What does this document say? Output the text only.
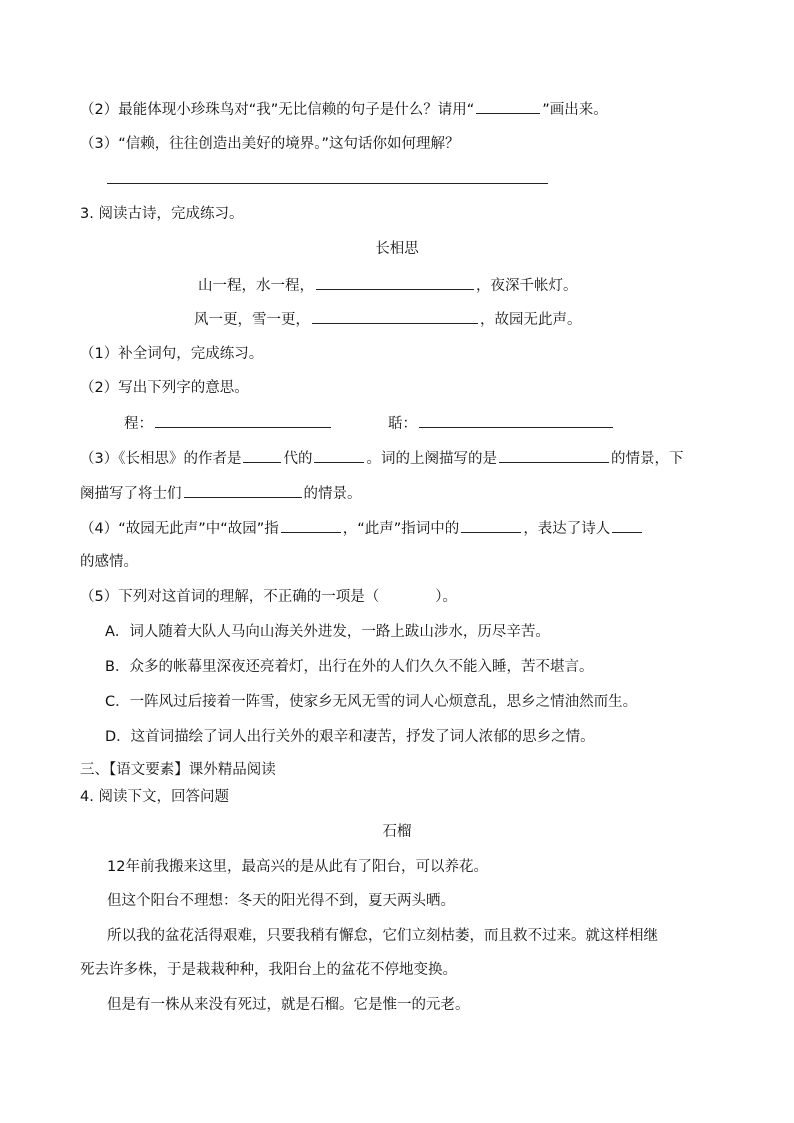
（2）最能体现小珍珠鸟对“我”无比信赖的句子是什么？请用“	”画出来。
（3）“信赖，往往创造出美好的境界。”这句话你如何理解？
3. 阅读古诗，完成练习。
长相思
山一程，水一程，	，夜深千帐灯。
风一更，雪一更，	，故园无此声。
（1）补全词句，完成练习。
（2）写出下列字的意思。
程：	聒：
（3）《长相思》的作者是	代的	。词的上阕描写的是	的情景，下
阕描写了将士们	的情景。
（4）“故园无此声”中“故园”指	，“此声”指词中的	，表达了诗人
的感情。
（5）下列对这首词的理解，不正确的一项是（	）。
A．词人随着大队人马向山海关外进发，一路上跋山涉水，历尽辛苦。
B．众多的帐幕里深夜还亮着灯，出行在外的人们久久不能入睡，苦不堪言。
C．一阵风过后接着一阵雪，使家乡无风无雪的词人心烦意乱，思乡之情油然而生。
D．这首词描绘了词人出行关外的艰辛和凄苦，抒发了词人浓郁的思乡之情。
三、【语文要素】课外精品阅读
4. 阅读下文，回答问题
石榴
12年前我搬来这里，最高兴的是从此有了阳台，可以养花。
但这个阳台不理想：冬天的阳光得不到，夏天两头晒。
所以我的盆花活得艰难，只要我稍有懈怠，它们立刻枯萎，而且救不过来。就这样相继
死去许多株，于是栽栽种种，我阳台上的盆花不停地变换。
但是有一株从来没有死过，就是石榴。它是惟一的元老。
